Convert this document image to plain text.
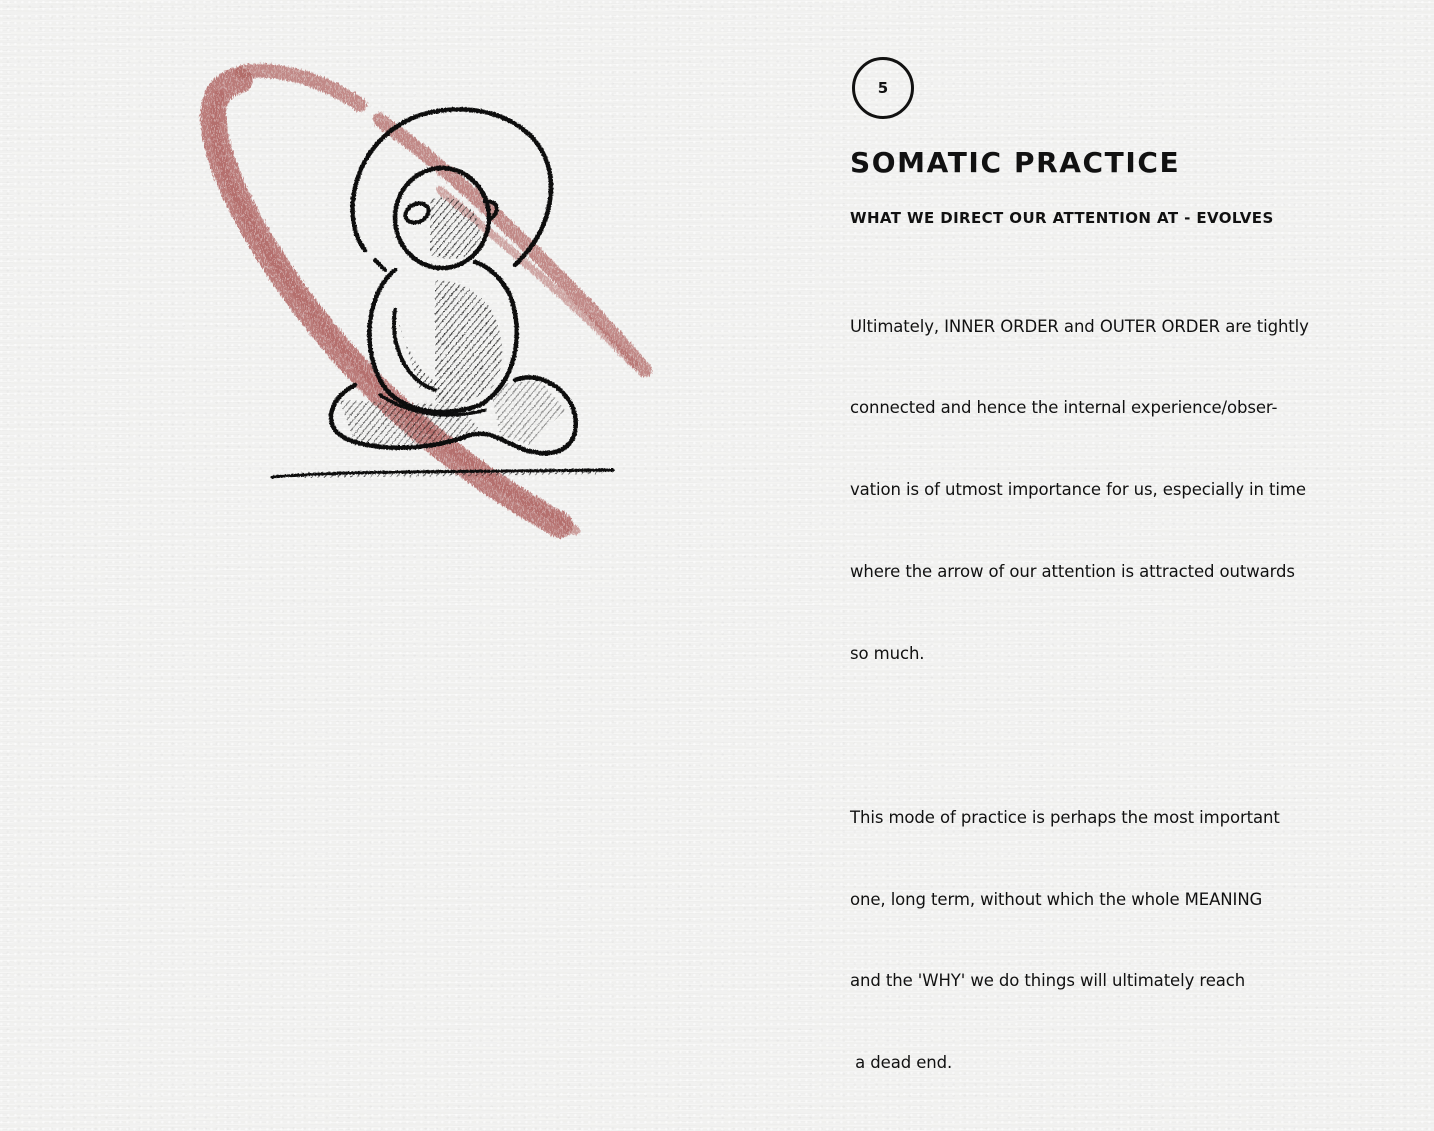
5
SOMATIC PRACTICE
WHAT WE DIRECT OUR ATTENTION AT - EVOLVES

Ultimately, INNER ORDER and OUTER ORDER are tightly

connected and hence the internal experience/obser-

vation is of utmost importance for us, especially in time

where the arrow of our attention is attracted outwards

so much.

This mode of practice is perhaps the most important

one, long term, without which the whole MEANING

and the 'WHY' we do things will ultimately reach

a dead end.
